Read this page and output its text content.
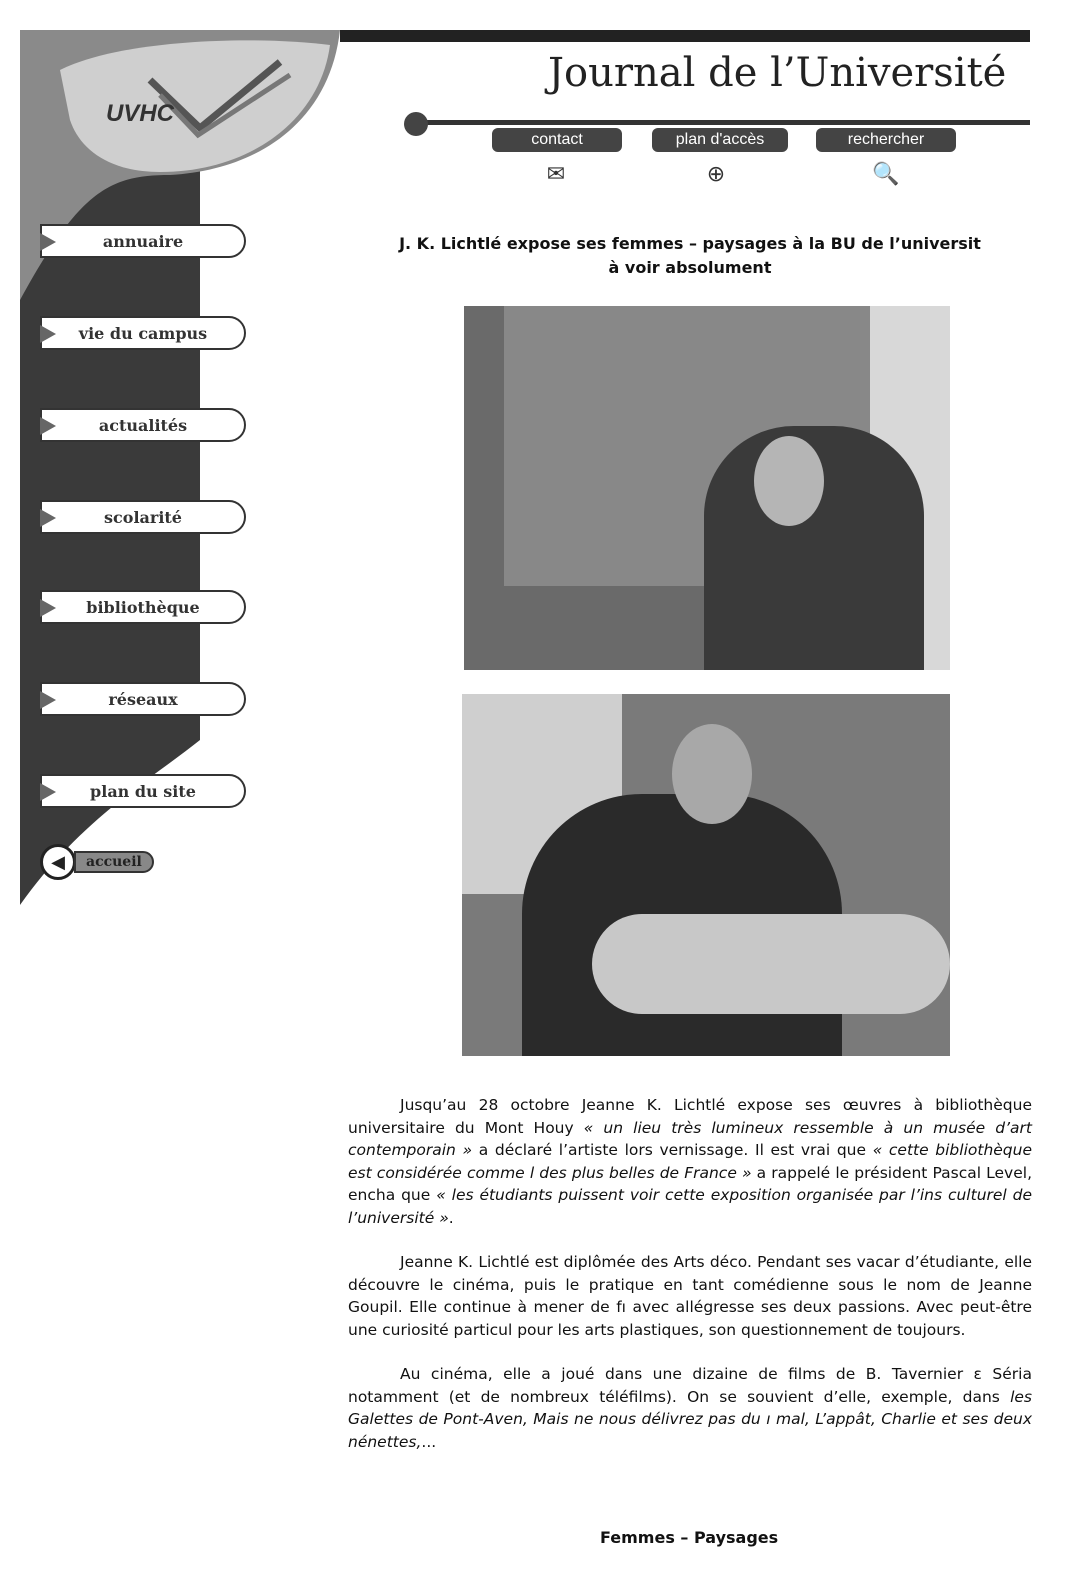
UVHC
annuaire
vie du campus
actualités
scolarité
bibliothèque
réseaux
plan du site
◀	accueil
Journal de l’Université
contact	plan d'accès	rechercher
✉	⊕	🔍
J. K. Lichtlé expose ses femmes – paysages à la BU de l’universit
à voir absolument

Jusqu’au 28 octobre Jeanne K. Lichtlé expose ses œuvres à bibliothèque universitaire du Mont Houy « un lieu très lumineux ressemble à un musée d’art contemporain » a déclaré l’artiste lors vernissage. Il est vrai que « cette bibliothèque est considérée comme l des plus belles de France » a rappelé le président Pascal Level, encha que « les étudiants puissent voir cette exposition organisée par l’ins culturel de l’université ».

Jeanne K. Lichtlé est diplômée des Arts déco. Pendant ses vacar d’étudiante, elle découvre le cinéma, puis le pratique en tant comédienne sous le nom de Jeanne Goupil. Elle continue à mener de fı avec allégresse ses deux passions. Avec peut-être une curiosité particul pour les arts plastiques, son questionnement de toujours.

Au cinéma, elle a joué dans une dizaine de films de B. Tavernier ε Séria notamment (et de nombreux téléfilms). On se souvient d’elle, exemple, dans les Galettes de Pont-Aven, Mais ne nous délivrez pas du ı mal, L’appât, Charlie et ses deux nénettes,...

Femmes – Paysages
